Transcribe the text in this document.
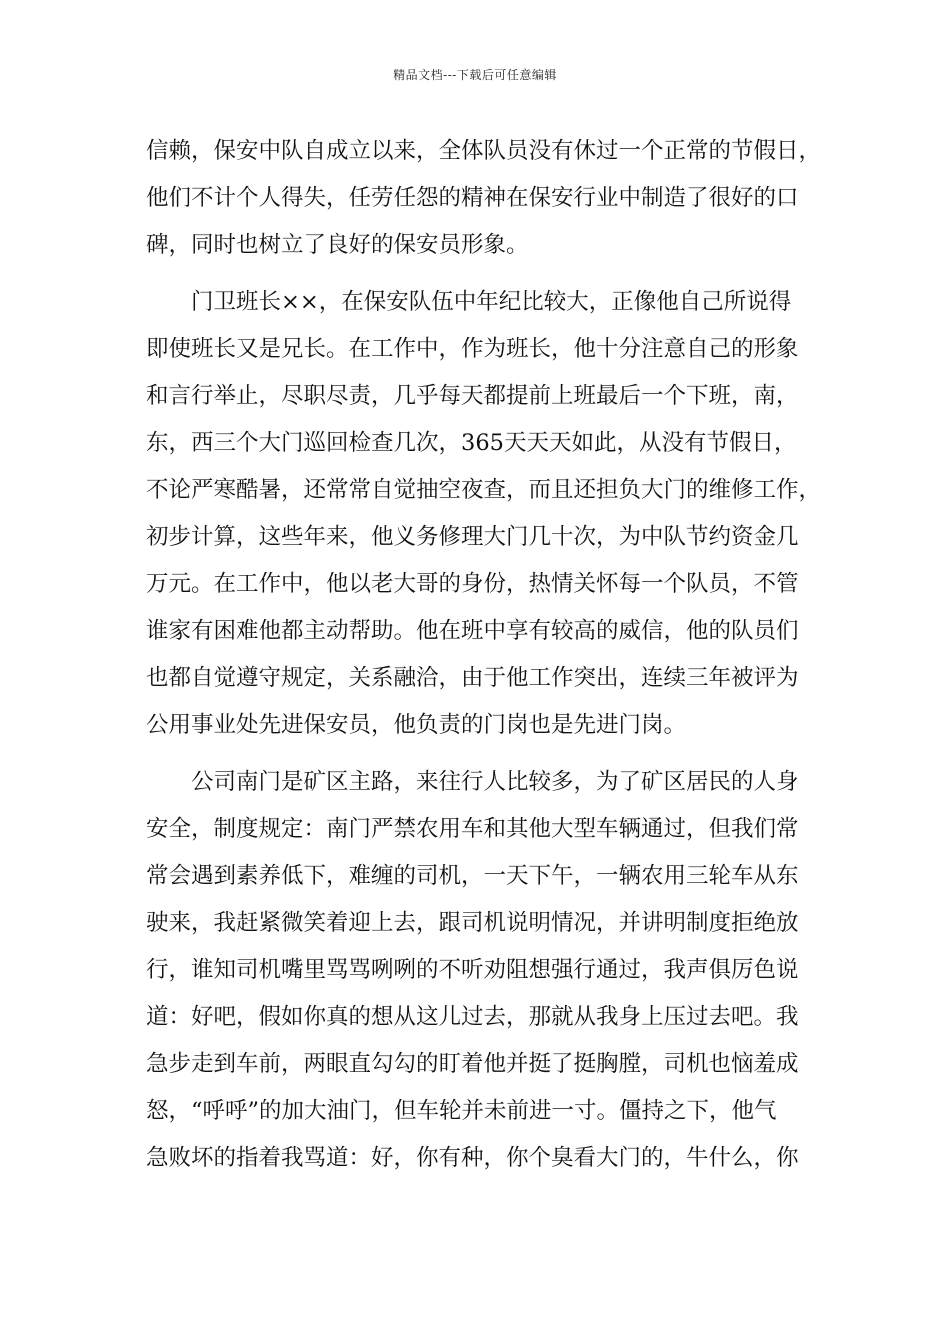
精品文档---下载后可任意编辑
信赖，保安中队自成立以来，全体队员没有休过一个正常的节假日，
他们不计个人得失，任劳任怨的精神在保安行业中制造了很好的口
碑，同时也树立了良好的保安员形象。
　　门卫班长××，在保安队伍中年纪比较大，正像他自己所说得
即使班长又是兄长。在工作中，作为班长，他十分注意自己的形象
和言行举止，尽职尽责，几乎每天都提前上班最后一个下班，南，
东，西三个大门巡回检查几次，365天天天如此，从没有节假日，
不论严寒酷暑，还常常自觉抽空夜查，而且还担负大门的维修工作，
初步计算，这些年来，他义务修理大门几十次，为中队节约资金几
万元。在工作中，他以老大哥的身份，热情关怀每一个队员，不管
谁家有困难他都主动帮助。他在班中享有较高的威信，他的队员们
也都自觉遵守规定，关系融洽，由于他工作突出，连续三年被评为
公用事业处先进保安员，他负责的门岗也是先进门岗。
　　公司南门是矿区主路，来往行人比较多，为了矿区居民的人身
安全，制度规定：南门严禁农用车和其他大型车辆通过，但我们常
常会遇到素养低下，难缠的司机，一天下午，一辆农用三轮车从东
驶来，我赶紧微笑着迎上去，跟司机说明情况，并讲明制度拒绝放
行，谁知司机嘴里骂骂咧咧的不听劝阻想强行通过，我声俱厉色说
道：好吧，假如你真的想从这儿过去，那就从我身上压过去吧。我
急步走到车前，两眼直勾勾的盯着他并挺了挺胸膛，司机也恼羞成
怒，“呼呼”的加大油门，但车轮并未前进一寸。僵持之下，他气
急败坏的指着我骂道：好，你有种，你个臭看大门的，牛什么，你
